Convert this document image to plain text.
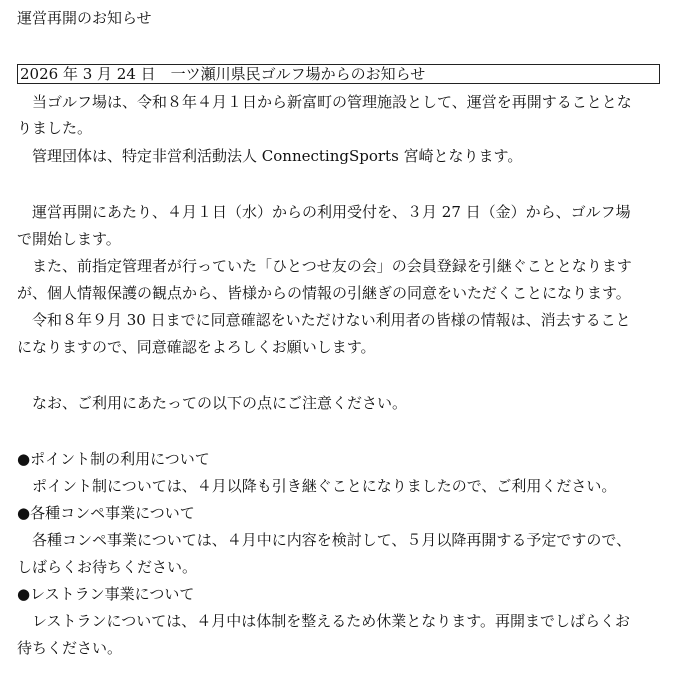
運営再開のお知らせ
2026 年 3 月 24 日　一ツ瀬川県民ゴルフ場からのお知らせ
当ゴルフ場は、令和８年４月１日から新富町の管理施設として、運営を再開することとな
りました。
管理団体は、特定非営利活動法人 ConnectingSports 宮崎となります。
運営再開にあたり、４月１日（水）からの利用受付を、３月 27 日（金）から、ゴルフ場
で開始します。
また、前指定管理者が行っていた「ひとつせ友の会」の会員登録を引継ぐこととなります
が、個人情報保護の観点から、皆様からの情報の引継ぎの同意をいただくことになります。
令和８年９月 30 日までに同意確認をいただけない利用者の皆様の情報は、消去すること
になりますので、同意確認をよろしくお願いします。
なお、ご利用にあたっての以下の点にご注意ください。
●ポイント制の利用について
ポイント制については、４月以降も引き継ぐことになりましたので、ご利用ください。
●各種コンペ事業について
各種コンペ事業については、４月中に内容を検討して、５月以降再開する予定ですので、
しばらくお待ちください。
●レストラン事業について
レストランについては、４月中は体制を整えるため休業となります。再開までしばらくお
待ちください。
